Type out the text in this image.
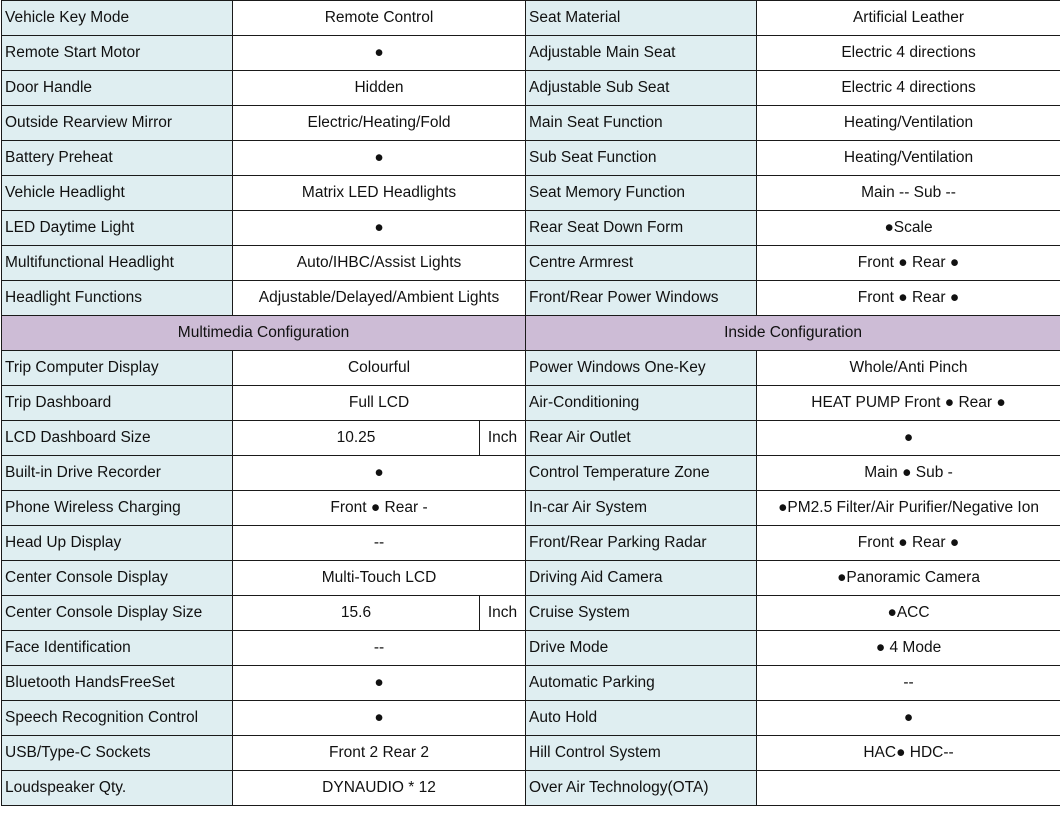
Vehicle Key Mode	Remote Control		Seat Material	Artificial Leather
Remote Start Motor	●		Adjustable Main Seat	Electric 4 directions
Door Handle	Hidden		Adjustable Sub Seat	Electric 4 directions
Outside Rearview Mirror	Electric/Heating/Fold		Main Seat Function	Heating/Ventilation
Battery Preheat	●		Sub Seat Function	Heating/Ventilation
Vehicle Headlight	Matrix LED Headlights		Seat Memory Function	Main -- Sub --
LED Daytime Light	●		Rear Seat Down Form	●Scale
Multifunctional Headlight	Auto/IHBC/Assist Lights		Centre Armrest	Front ● Rear ●
Headlight Functions	Adjustable/Delayed/Ambient Lights		Front/Rear Power Windows	Front ● Rear ●
Multimedia Configuration			Inside Configuration	
Trip Computer Display	Colourful		Power Windows One-Key	Whole/Anti Pinch
Trip Dashboard	Full LCD		Air-Conditioning	HEAT PUMP Front ● Rear ●
LCD Dashboard Size	10.25	Inch	Rear Air Outlet	●
Built-in Drive Recorder	●		Control Temperature Zone	Main ● Sub -
Phone Wireless Charging	Front ● Rear -		In-car Air System	●PM2.5 Filter/Air Purifier/Negative Ion
Head Up Display	--		Front/Rear Parking Radar	Front ● Rear ●
Center Console Display	Multi-Touch LCD		Driving Aid Camera	●Panoramic Camera
Center Console Display Size	15.6	Inch	Cruise System	●ACC
Face Identification	--		Drive Mode	● 4 Mode
Bluetooth HandsFreeSet	●		Automatic Parking	--
Speech Recognition Control	●		Auto Hold	●
USB/Type-C Sockets	Front 2 Rear 2		Hill Control System	HAC● HDC--
Loudspeaker Qty.	DYNAUDIO * 12		Over Air Technology(OTA)	
